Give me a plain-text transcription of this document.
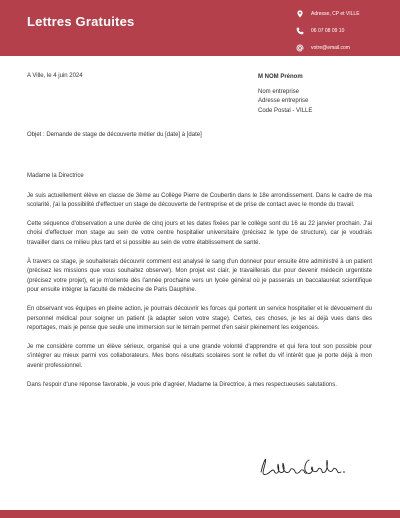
Lettres Gratuites	Adresse, CP et VILLE
06 07 08 09 10
votre@email.com
A Ville, le 4 juin 2024	M NOM Prénom
Nom entreprise
Adresse entreprise
Code Postal - VILLE
Objet : Demande de stage de découverte métier du [date] à [date]

Madame la Directrice

Je suis actuellement élève en classe de 3ème au Collège Pierre de Coubertin dans le 18e arrondissement. Dans le cadre de ma scolarité, j'ai la possibilité d'effectuer un stage de découverte de l'entreprise et de prise de contact avec le monde du travail.

Cette séquence d'observation a une durée de cinq jours et les dates fixées par le collège sont du 16 au 22 janvier prochain. J'ai choisi d'effectuer mon stage au sein de votre centre hospitalier universitaire (précisez le type de structure), car je voudrais travailler dans ce milieu plus tard et si possible au sein de votre établissement de santé.

À travers ce stage, je souhaiterais découvrir comment est analysé le sang d'un donneur pour ensuite être administré à un patient (précisez les missions que vous souhaitez observer). Mon projet est clair, je travaillerais dur pour devenir médecin urgentiste (précisez votre projet), et je m'oriente dès l'année prochaine vers un lycée général où je passerais un baccalauréat scientifique pour ensuite intégrer la faculté de médecine de Paris Dauphine.

En observant vos équipes en pleine action, je pourrais découvrir les forces qui portent un service hospitalier et le dévouement du personnel médical pour soigner un patient (à adapter selon votre stage). Certes, ces choses, je les ai déjà vues dans des reportages, mais je pense que seule une immersion sur le terrain permet d'en saisir pleinement les exigences.

Je me considère comme un élève sérieux, organisé qui a une grande volonté d'apprendre et qui fera tout son possible pour s'intégrer au mieux parmi vos collaborateurs. Mes bons résultats scolaires sont le reflet du vif intérêt que je porte déjà à mon avenir professionnel.

Dans l'espoir d'une réponse favorable, je vous prie d'agréer, Madame la Directrice, à mes respectueuses salutations.
